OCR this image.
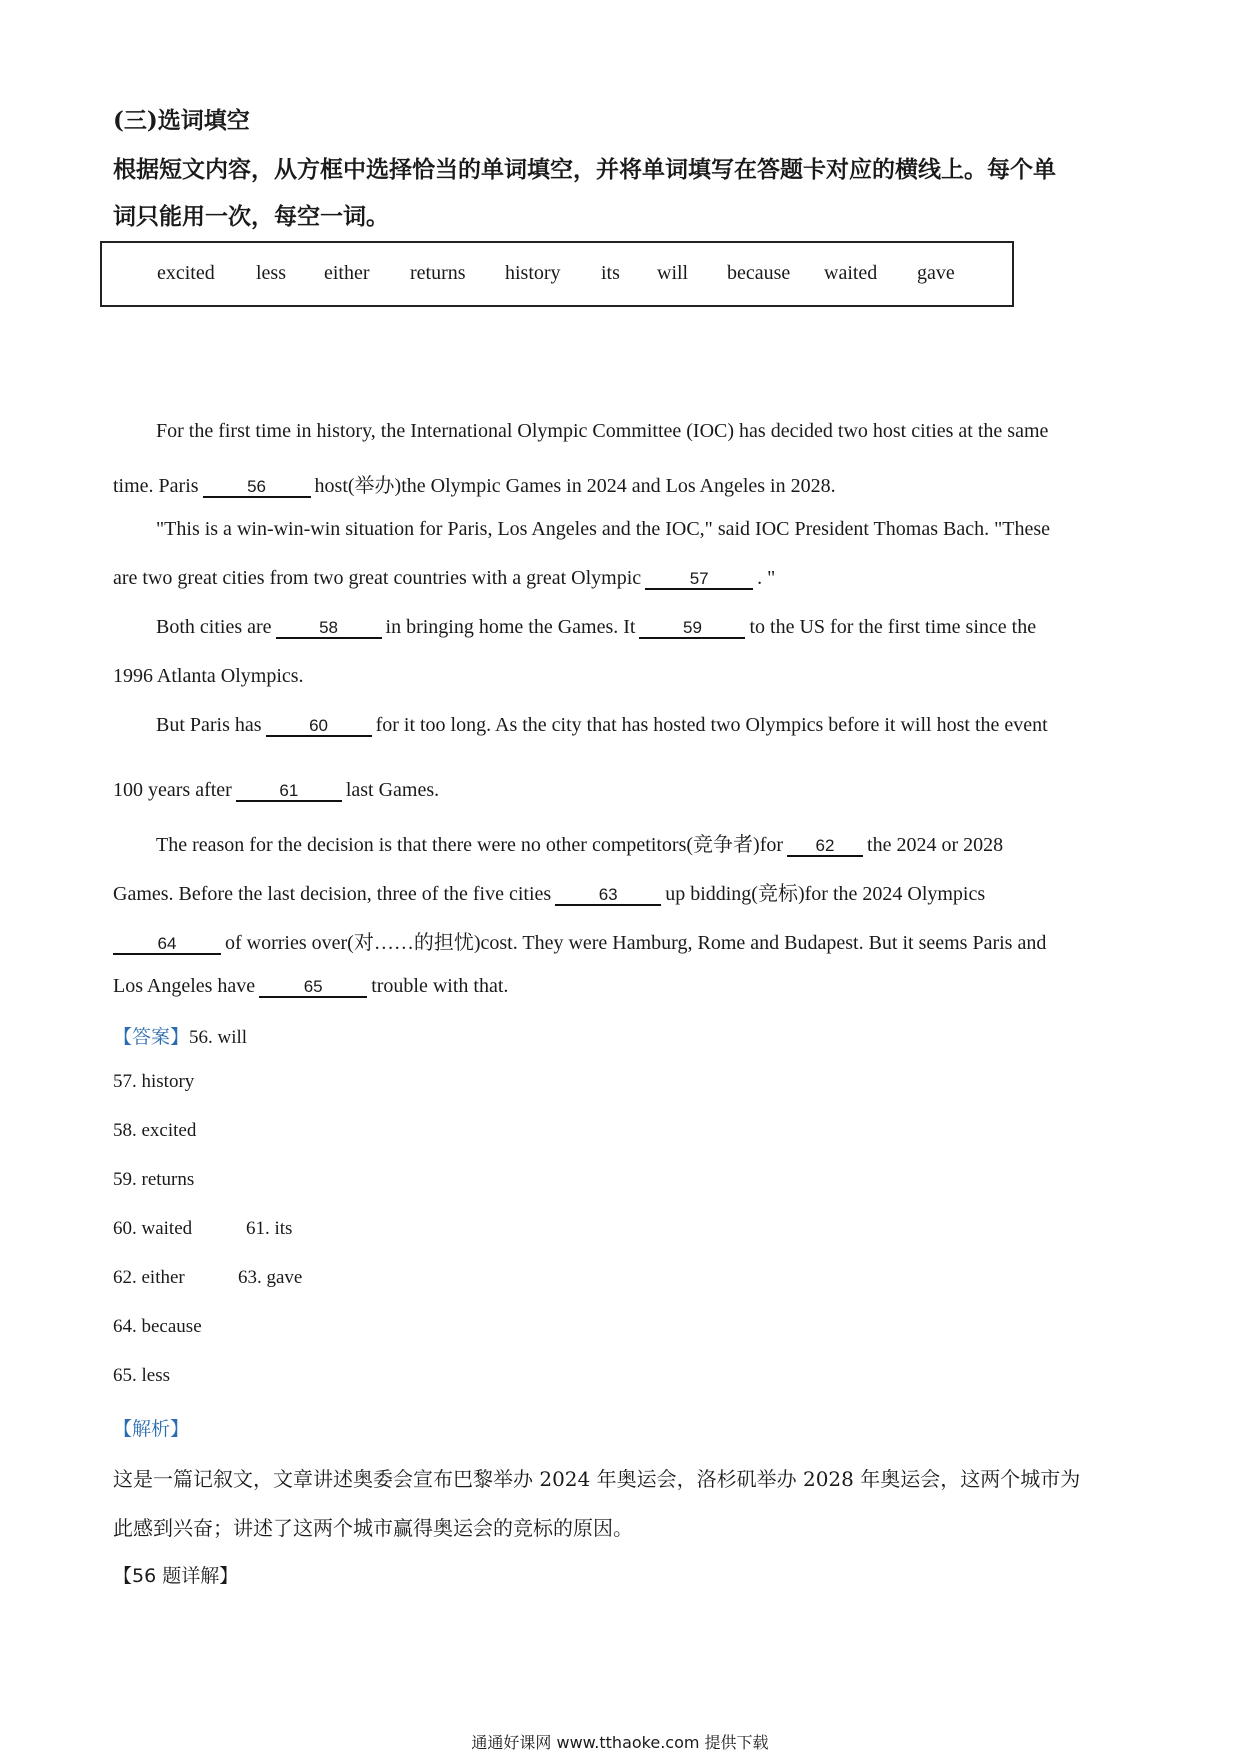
(三)选词填空
根据短文内容，从方框中选择恰当的单词填空，并将单词填写在答题卡对应的横线上。每个单
词只能用一次，每空一词。
excited less either returns history its will because waited gave
For the first time in history, the International Olympic Committee (IOC) has decided two host cities at the same
time. Paris	56 host(举办)the Olympic Games in 2024 and Los Angeles in 2028.
"This is a win-win-win situation for Paris, Los Angeles and the IOC," said IOC President Thomas Bach. "These
are two great cities from two great countries with a great Olympic	57 . "
Both cities are	58 in bringing home the Games. It	59 to the US for the first time since the
1996 Atlanta Olympics.
But Paris has	60 for it too long. As the city that has hosted two Olympics before it will host the event
100 years after	61 last Games.
The reason for the decision is that there were no other competitors(竞争者)for 62 the 2024 or 2028
Games. Before the last decision, three of the five cities	63 up bidding(竞标)for the 2024 Olympics
64 of worries over(对……的担忧)cost. They were Hamburg, Rome and Budapest. But it seems Paris and
Los Angeles have	65 trouble with that.
【答案】56. will
57. history
58. excited
59. returns
60. waited	61. its
62. either	63. gave
64. because
65. less
【解析】
这是一篇记叙文，文章讲述奥委会宣布巴黎举办 2024 年奥运会，洛杉矶举办 2028 年奥运会，这两个城市为
此感到兴奋；讲述了这两个城市赢得奥运会的竞标的原因。
【56 题详解】
通通好课网 www.tthaoke.com 提供下载
